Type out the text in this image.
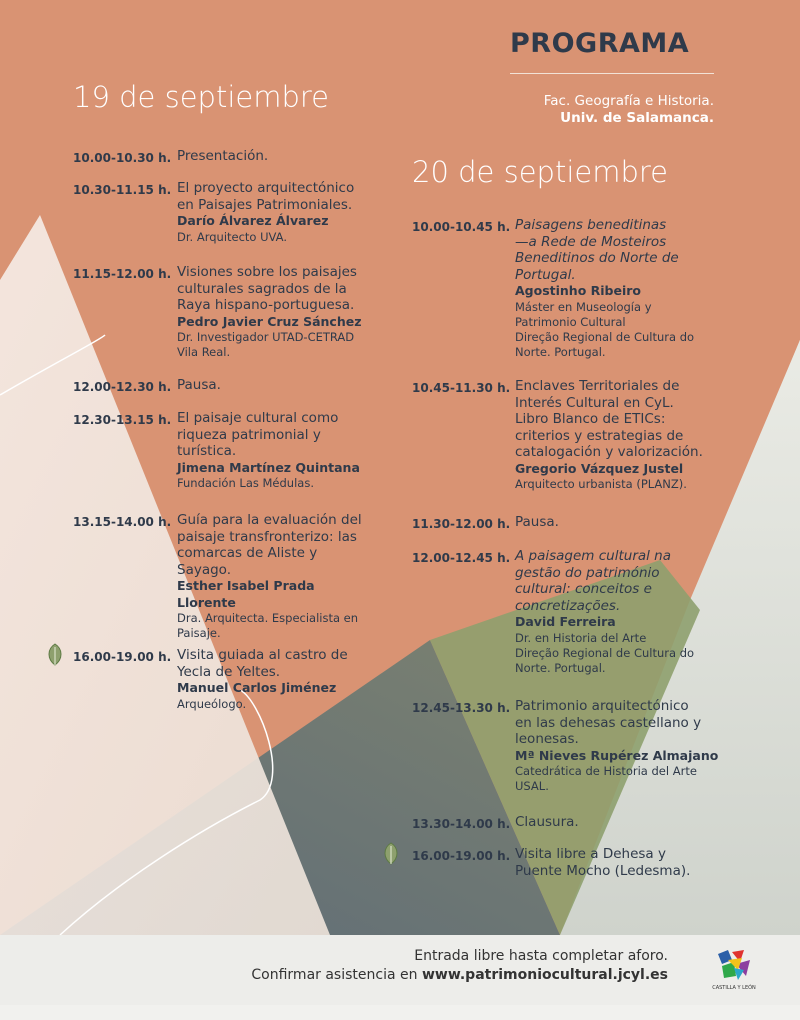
PROGRAMA
Fac. Geografía e Historia.
Univ. de Salamanca.
19 de septiembre
20 de septiembre
10.00-10.30 h. Presentación.
10.30-11.15 h. El proyecto arquitectónico
en Paisajes Patrimoniales.
Darío Álvarez Álvarez
Dr. Arquitecto UVA.
11.15-12.00 h. Visiones sobre los paisajes
culturales sagrados de la
Raya hispano-portuguesa.
Pedro Javier Cruz Sánchez
Dr. Investigador UTAD-CETRAD
Vila Real.
12.00-12.30 h. Pausa.
12.30-13.15 h. El paisaje cultural como
riqueza patrimonial y
turística.
Jimena Martínez Quintana
Fundación Las Médulas.
13.15-14.00 h. Guía para la evaluación del
paisaje transfronterizo: las
comarcas de Aliste y
Sayago.
Esther Isabel Prada Llorente
Dra. Arquitecta. Especialista en
Paisaje.
16.00-19.00 h. Visita guiada al castro de
Yecla de Yeltes.
Manuel Carlos Jiménez
Arqueólogo.
Paisagens beneditinas
—a Rede de Mosteiros
Beneditinos do Norte de
Portugal.
Agostinho Ribeiro
Máster en Museología y
Patrimonio Cultural
Direção Regional de Cultura do
Norte. Portugal.
Enclaves Territoriales de
Interés Cultural en CyL.
Libro Blanco de ETICs:
criterios y estrategias de
catalogación y valorización.
Gregorio Vázquez Justel
Arquitecto urbanista (PLANZ).
Pausa.
A paisagem cultural na
gestão do património
cultural: conceitos e
concretizações.
David Ferreira
Dr. en Historia del Arte
Direção Regional de Cultura do
Norte. Portugal.
Patrimonio arquitectónico
en las dehesas castellano y
leonesas.
Mª Nieves Rupérez Almajano
Catedrática de Historia del Arte
USAL.
Clausura.
Visita libre a Dehesa y
Puente Mocho (Ledesma).
Entrada libre hasta completar aforo.
Confirmar asistencia en www.patrimoniocultural.jcyl.es
CASTILLA Y LEÓN
